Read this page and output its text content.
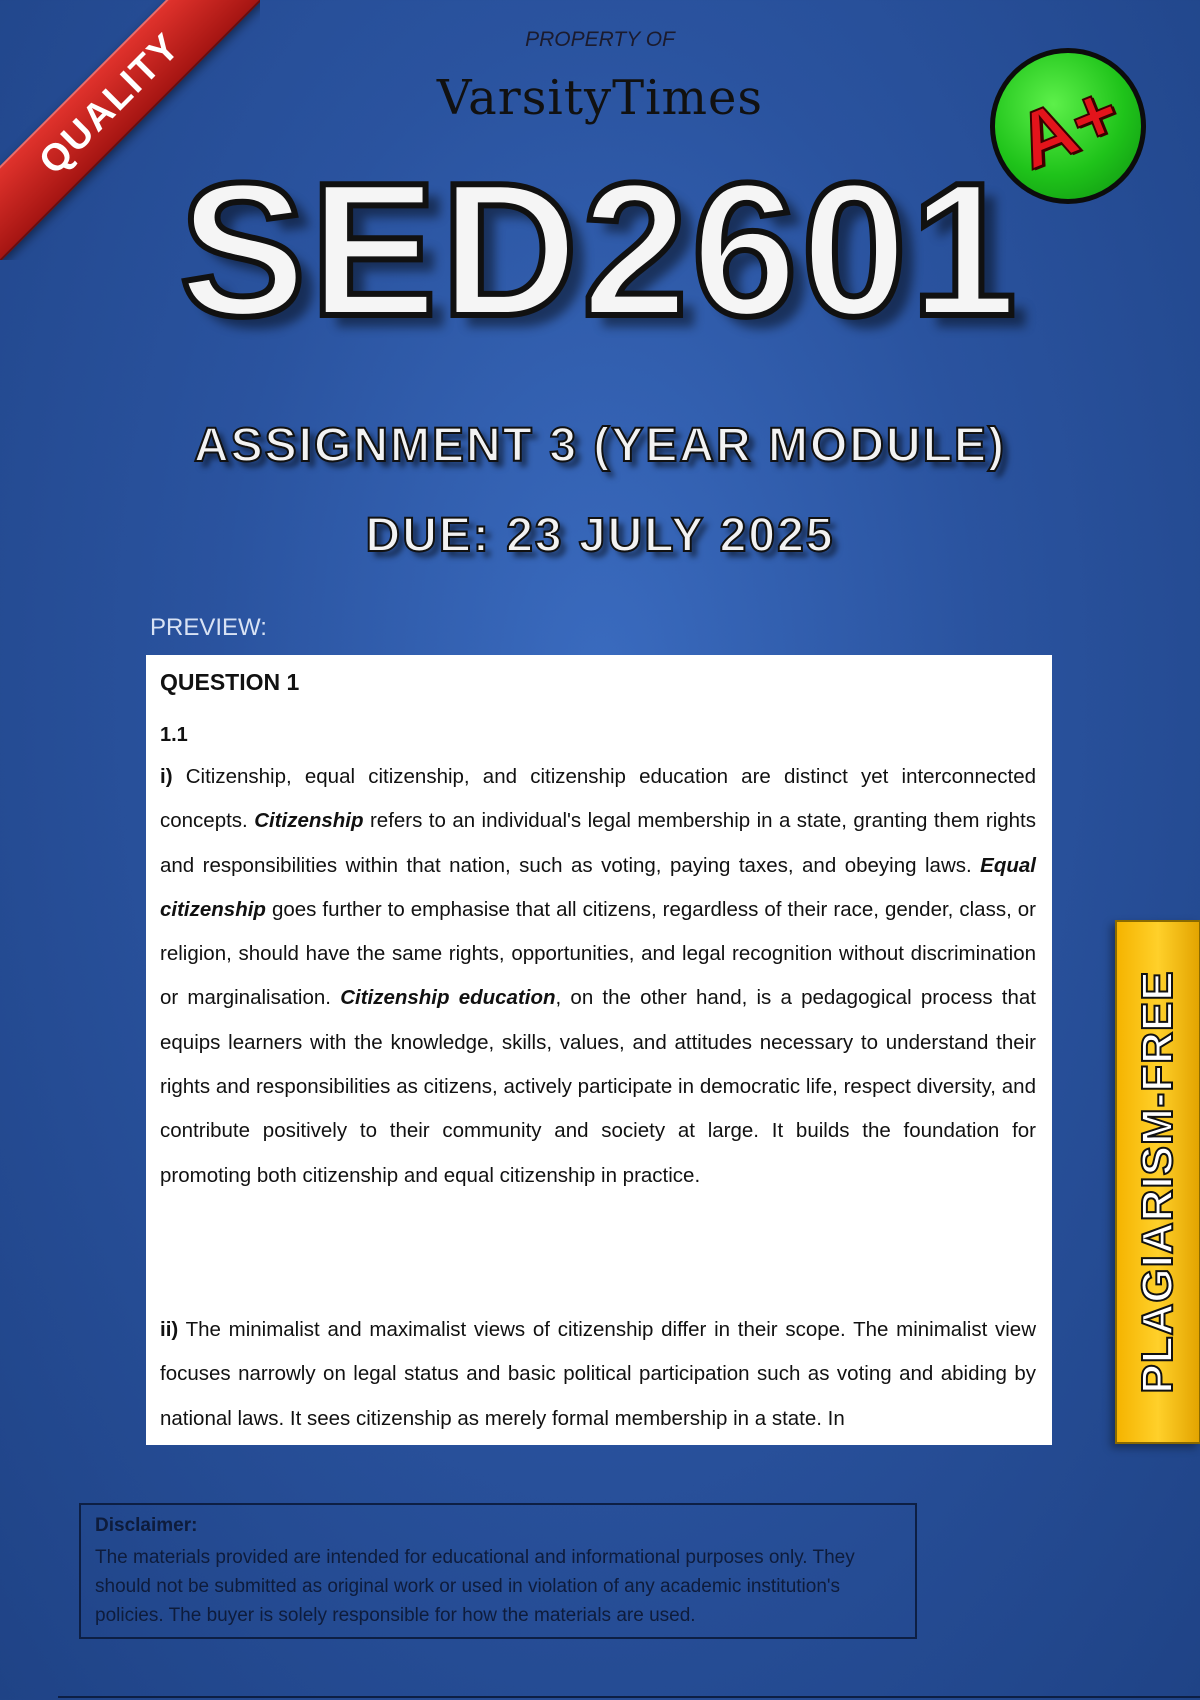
QUALITY	PROPERTY OF
VarsityTimes	A+
SED2601
ASSIGNMENT 3 (YEAR MODULE)
DUE: 23 JULY 2025
PREVIEW:
QUESTION 1
1.1

i) Citizenship, equal citizenship, and citizenship education are distinct yet interconnected concepts. Citizenship refers to an individual's legal membership in a state, granting them rights and responsibilities within that nation, such as voting, paying taxes, and obeying laws. Equal citizenship goes further to emphasise that all citizens, regardless of their race, gender, class, or religion, should have the same rights, opportunities, and legal recognition without discrimination or marginalisation. Citizenship education, on the other hand, is a pedagogical process that equips learners with the knowledge, skills, values, and attitudes necessary to understand their rights and responsibilities as citizens, actively participate in democratic life, respect diversity, and contribute positively to their community and society at large. It builds the foundation for promoting both citizenship and equal citizenship in practice.

ii) The minimalist and maximalist views of citizenship differ in their scope. The minimalist view focuses narrowly on legal status and basic political participation such as voting and abiding by national laws. It sees citizenship as merely formal membership in a state. In

PLAGIARISM-FREE
Disclaimer:
The materials provided are intended for educational and informational purposes only. They should not be submitted as original work or used in violation of any academic institution's policies. The buyer is solely responsible for how the materials are used.
